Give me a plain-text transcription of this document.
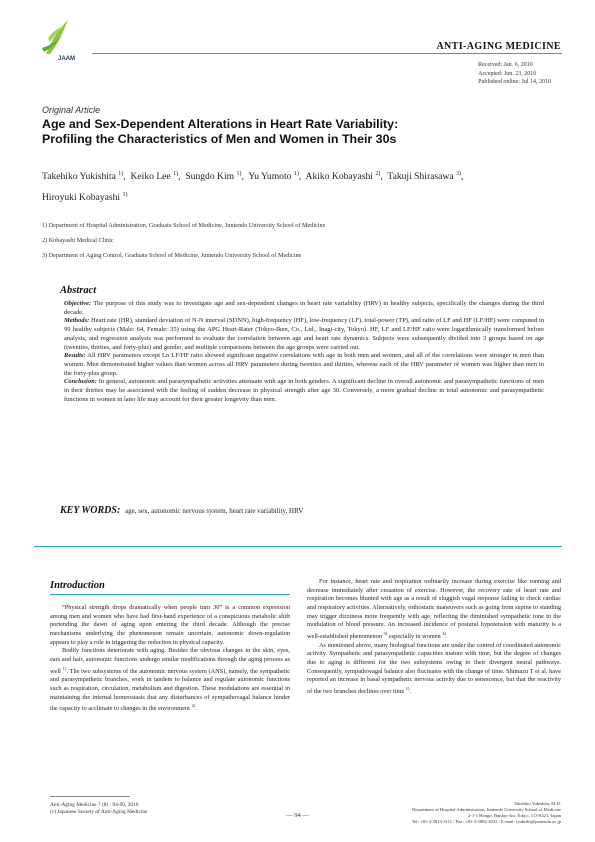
JAAM
ANTI-AGING MEDICINE
Received: Jan. 6, 2010
Accepted: Jun. 23, 2010
Published online: Jul 14, 2010
Original Article
Age and Sex-Dependent Alterations in Heart Rate Variability:
Profiling the Characteristics of Men and Women in Their 30s
Takehiko Yukishita $^{1)}$,  Keiko Lee $^{1)}$,  Sungdo Kim $^{1)}$,  Yu Yumoto $^{1)}$,  Akiko Kobayashi $^{2)}$,  Takuji Shirasawa $^{3)}$,
Hiroyuki Kobayashi $^{1)}$
1) Department of Hospital Administration, Graduate School of Medicine, Juntendo University School of Medicine
2) Kobayashi Medical Clinic
3) Department of Aging Control, Graduate School of Medicine, Juntendo University School of Medicine
Abstract
Objective: The purpose of this study was to investigate age and sex-dependent changes in heart rate variability (HRV) in healthy subjects, specifically the changes during the third decade.
Methods: Heart rate (HR), standard deviation of N-N interval (SDNN), high-frequency (HF), low-frequency (LF), total-power (TP), and ratio of LF and HF (LF/HF) were computed in 99 healthy subjects (Male: 64, Female: 35) using the APG Heart-Rater (Tokyo-Iken, Co., Ltd., Inagi-city, Tokyo). HF, LF and LF/HF ratio were logarithmically transformed before analysis, and regression analysis was performed to evaluate the correlation between age and heart rate dynamics. Subjects were subsequently divided into 3 groups based on age (twenties, thirties, and forty-plus) and gender, and multiple comparisons between the age groups were carried out.
Results: All HRV parameters except Ln LF/HF ratio showed significant negative correlations with age in both men and women, and all of the correlations were stronger in men than women. Men demonstrated higher values than women across all HRV parameters during twenties and thirties, whereas each of the HRV parameter of women was higher than men in the forty-plus group.
Conclusion: In general, autonomic and parasympathetic activities attenuate with age in both genders. A significant decline in overall autonomic and parasympathetic functions of men in their thirties may be associated with the feeling of sudden decrease in physical strength after age 30. Conversely, a more gradual decline in total autonomic and parasympathetic functions in women in later life may account for their greater longevity than men.
KEY WORDS: age, sex, autonomic nervous system, heart rate variability, HRV
Introduction

“Physical strength drops dramatically when people turn 30” is a common expression among men and women who have had first-hand experience of a conspicuous metabolic shift portending the dawn of aging upon entering the third decade. Although the precise mechanisms underlying the phenomenon remain uncertain, autonomic down-regulation appears to play a role in triggering the reduction in physical capacity.

Bodily functions deteriorate with aging. Besides the obvious changes in the skin, eyes, ears and hair, autonomic functions undergo similar modifications through the aging process as well $^{1)}$. The two subsystems of the autonomic nervous system (ANS), namely, the sympathetic and parasympathetic branches, work in tandem to balance and regulate autonomic functions such as respiration, circulation, metabolism and digestion. These modulations are essential in maintaining the internal homeostasis that any disturbances of sympathovagal balance hinder the capacity to acclimate to changes in the environment $^{2)}$.

For instance, heart rate and respiration ordinarily increase during exercise like running and decrease immediately after cessation of exercise. However, the recovery rate of heart rate and respiration becomes blunted with age as a result of sluggish vagal response failing to check cardiac and respiratory activities. Alternatively, orthostatic maneuvers such as going from supine to standing may trigger dizziness more frequently with age, reflecting the diminished sympathetic tone in the modulation of blood pressure. An increased incidence of postural hypotension with maturity is a well-established phenomenon $^{3)}$ especially in women $^{4)}$.

As mentioned above, many biological functions are under the control of coordinated autonomic activity. Sympathetic and parasympathetic capacities mature with time, but the degree of changes due to aging is different for the two subsystems owing to their divergent neural pathways. Consequently, sympathovagal balance also fluctuates with the change of time. Shimazu T et al. have reported an increase in basal sympathetic nervous activity due to senescence, but that the reactivity of the two branches declines over time $^{1)}$.

Anti-Aging Medicine 7 (8) : 94-99, 2010
(c) Japanese Society of Anti-Aging Medicine	― 94 ―
Takehiko Yukishita, M.D.
Department of Hospital Administration, Juntendo University School of Medicine
2-1-1 Hongo, Bunkyo-ku, Tokyo, 113-8421, Japan
Tel: +81-3-3813-3111 / Fax: +81-3-5802-2033 / E-mail: tyukishi@juntendo.ac.jp
